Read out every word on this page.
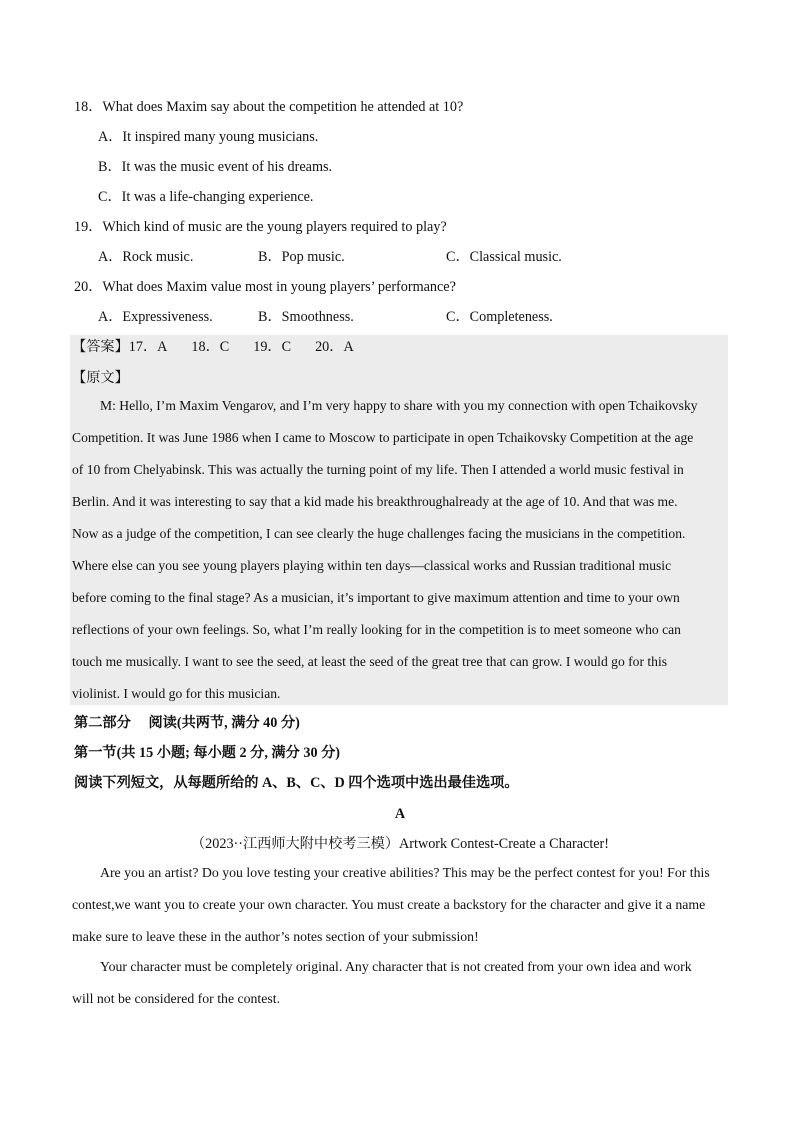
18．What does Maxim say about the competition he attended at 10?
A．It inspired many young musicians.
B．It was the music event of his dreams.
C．It was a life-changing experience.
19．Which kind of music are the young players required to play?
A．Rock music.	B．Pop music.	C．Classical music.
20．What does Maxim value most in young players’ performance?
A．Expressiveness.	B．Smoothness.	C．Completeness.
【答案】17．A 18．C 19．C 20．A
【原文】

M: Hello, I’m Maxim Vengarov, and I’m very happy to share with you my connection with open Tchaikovsky

Competition. It was June 1986 when I came to Moscow to participate in open Tchaikovsky Competition at the age

of 10 from Chelyabinsk. This was actually the turning point of my life. Then I attended a world music festival in

Berlin. And it was interesting to say that a kid made his breakthroughalready at the age of 10. And that was me.

Now as a judge of the competition, I can see clearly the huge challenges facing the musicians in the competition.

Where else can you see young players playing within ten days—classical works and Russian traditional music

before coming to the final stage? As a musician, it’s important to give maximum attention and time to your own

reflections of your own feelings. So, what I’m really looking for in the competition is to meet someone who can

touch me musically. I want to see the seed, at least the seed of the great tree that can grow. I would go for this

violinist. I would go for this musician.

第二部分　 阅读(共两节, 满分 40 分)
第一节(共 15 小题; 每小题 2 分, 满分 30 分)
阅读下列短文，从每题所给的 A、B、C、D 四个选项中选出最佳选项。
A
（2023··江西师大附中校考三模）Artwork Contest-Create a Character!

Are you an artist? Do you love testing your creative abilities? This may be the perfect contest for you! For this

contest,we want you to create your own character. You must create a backstory for the character and give it a name

make sure to leave these in the author’s notes section of your submission!

Your character must be completely original. Any character that is not created from your own idea and work

will not be considered for the contest.
